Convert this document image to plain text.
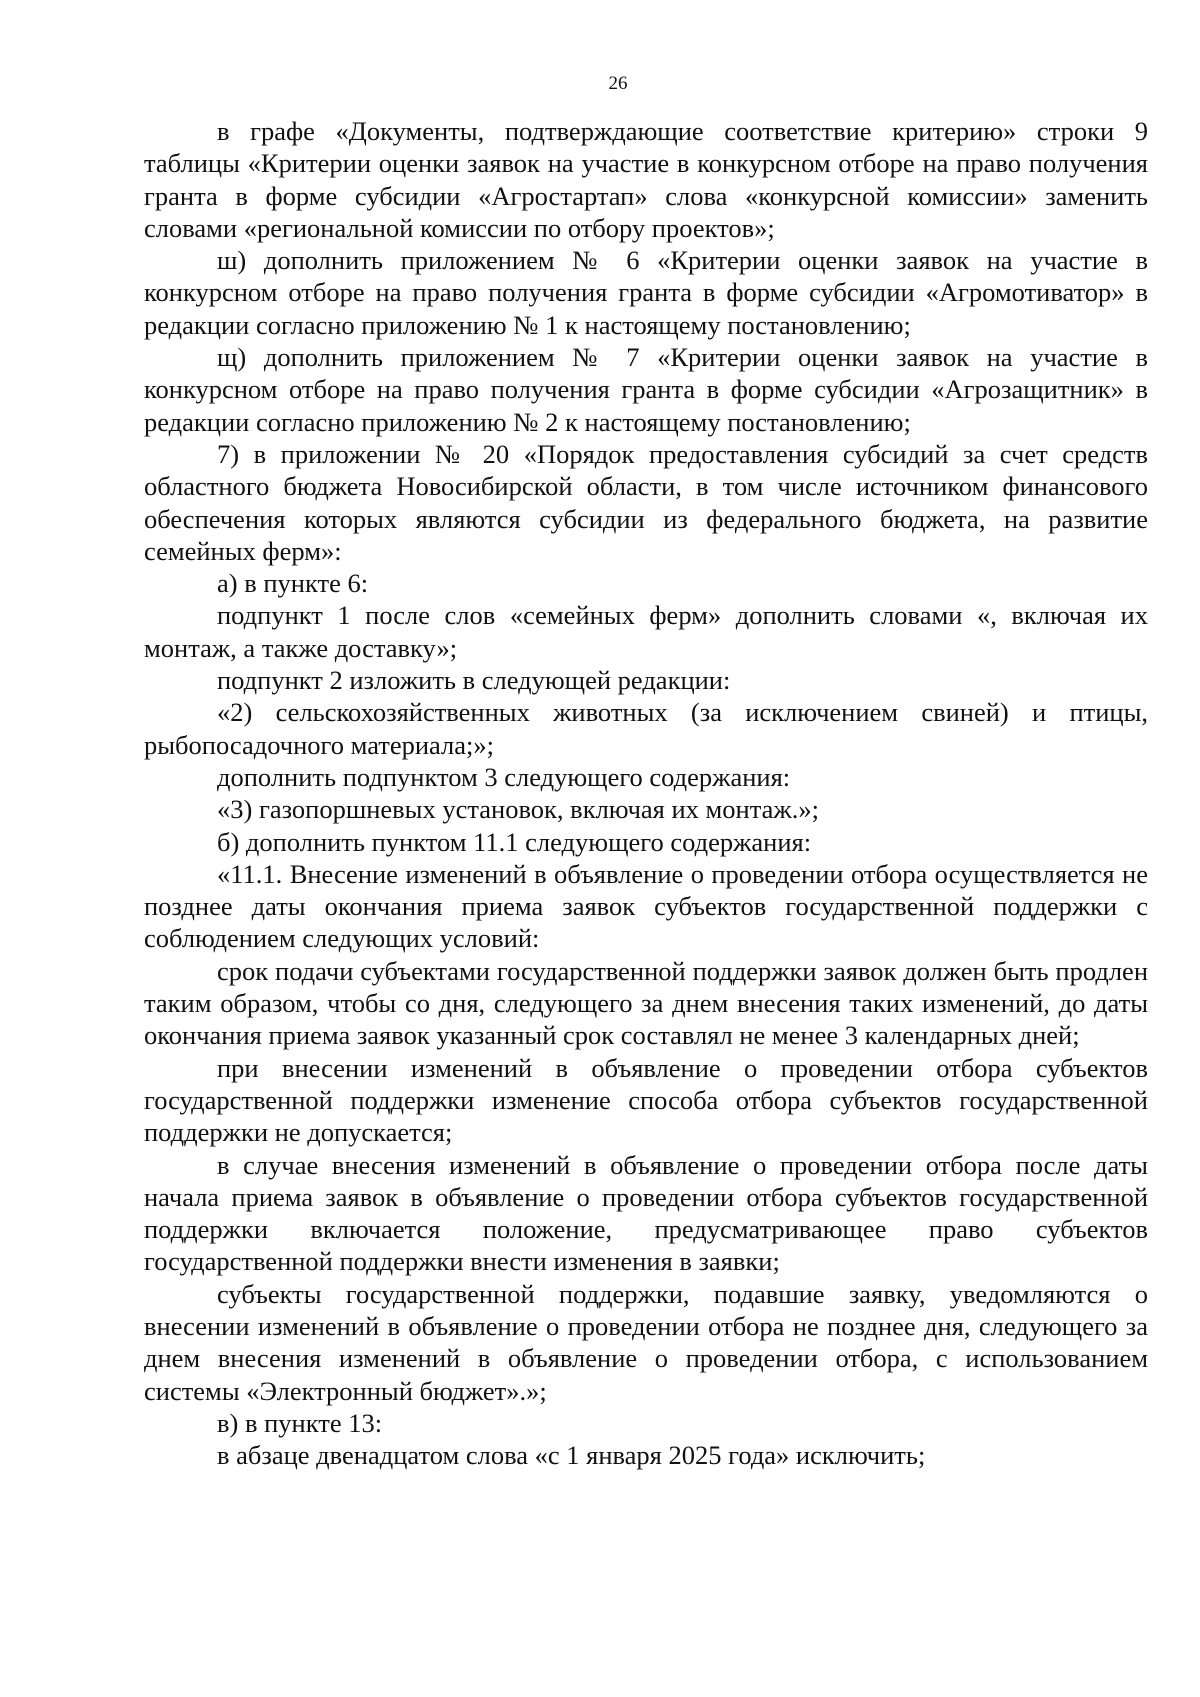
26

в графе «Документы, подтверждающие соответствие критерию» строки 9 таблицы «Критерии оценки заявок на участие в конкурсном отборе на право получения гранта в форме субсидии «Агростартап» слова «конкурсной комиссии» заменить словами «региональной комиссии по отбору проектов»;

ш) дополнить приложением № 6 «Критерии оценки заявок на участие в конкурсном отборе на право получения гранта в форме субсидии «Агромотиватор» в редакции согласно приложению № 1 к настоящему постановлению;

щ) дополнить приложением № 7 «Критерии оценки заявок на участие в конкурсном отборе на право получения гранта в форме субсидии «Агрозащитник» в редакции согласно приложению № 2 к настоящему постановлению;

7) в приложении № 20 «Порядок предоставления субсидий за счет средств областного бюджета Новосибирской области, в том числе источником финансового обеспечения которых являются субсидии из федерального бюджета, на развитие семейных ферм»:

а) в пункте 6:

подпункт 1 после слов «семейных ферм» дополнить словами «, включая их монтаж, а также доставку»;

подпункт 2 изложить в следующей редакции:

«2) сельскохозяйственных животных (за исключением свиней) и птицы, рыбопосадочного материала;»;

дополнить подпунктом 3 следующего содержания:

«3) газопоршневых установок, включая их монтаж.»;

б) дополнить пунктом 11.1 следующего содержания:

«11.1. Внесение изменений в объявление о проведении отбора осуществляется не позднее даты окончания приема заявок субъектов государственной поддержки с соблюдением следующих условий:

срок подачи субъектами государственной поддержки заявок должен быть продлен таким образом, чтобы со дня, следующего за днем внесения таких изменений, до даты окончания приема заявок указанный срок составлял не менее 3 календарных дней;

при внесении изменений в объявление о проведении отбора субъектов государственной поддержки изменение способа отбора субъектов государственной поддержки не допускается;

в случае внесения изменений в объявление о проведении отбора после даты начала приема заявок в объявление о проведении отбора субъектов государственной поддержки включается положение, предусматривающее право субъектов государственной поддержки внести изменения в заявки;

субъекты государственной поддержки, подавшие заявку, уведомляются о внесении изменений в объявление о проведении отбора не позднее дня, следующего за днем внесения изменений в объявление о проведении отбора, с использованием системы «Электронный бюджет».»;

в) в пункте 13:

в абзаце двенадцатом слова «с 1 января 2025 года» исключить;
